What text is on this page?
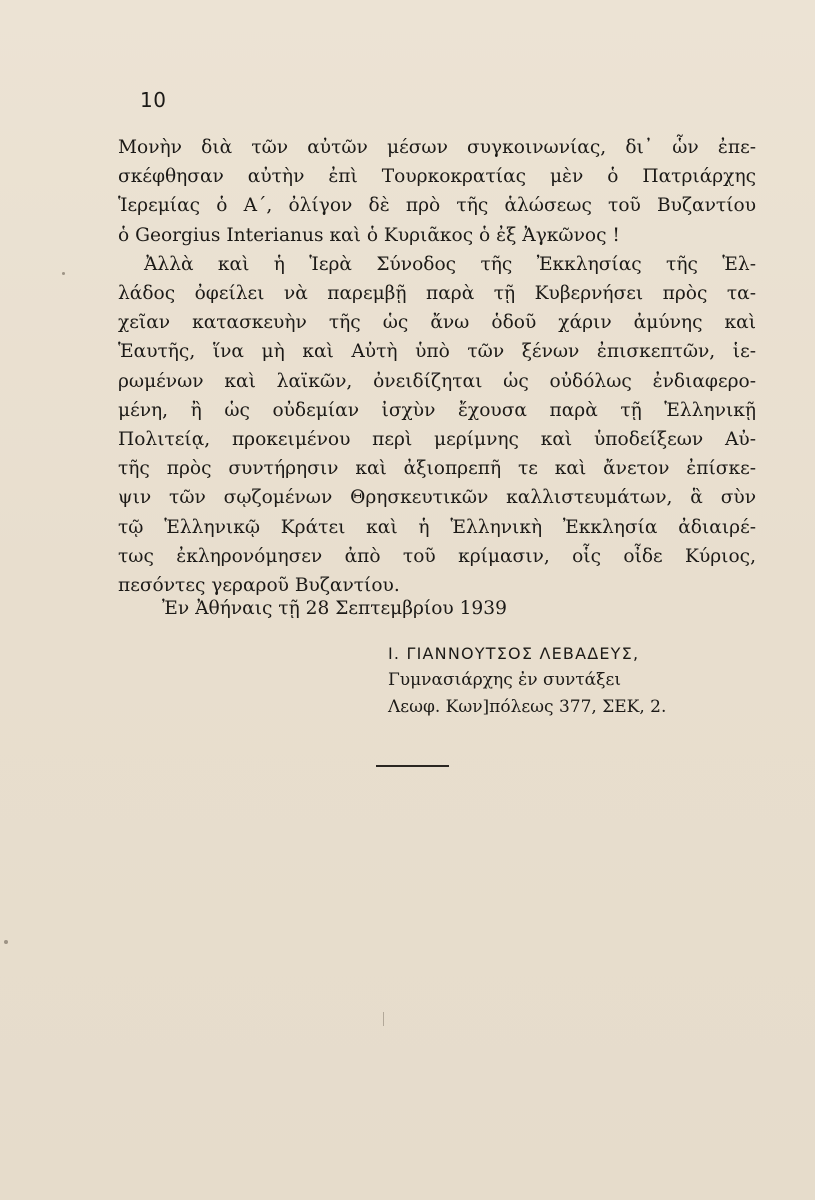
10
Μονὴν διὰ τῶν αὐτῶν μέσων συγκοινωνίας, δι᾽ ὧν ἐπε-
σκέφθησαν αὐτὴν ἐπὶ Τουρκοκρατίας μὲν ὁ Πατριάρχης
Ἱερεμίας ὁ Α΄, ὀλίγον δὲ πρὸ τῆς ἁλώσεως τοῦ Βυζαντίου
ὁ Georgius Interianus καὶ ὁ Κυριᾶκος ὁ ἐξ Ἀγκῶνος !
Ἀλλὰ καὶ ἡ Ἱερὰ Σύνοδος τῆς Ἐκκλησίας τῆς Ἑλ-
λάδος ὀφείλει νὰ παρεμβῇ παρὰ τῇ Κυβερνήσει πρὸς τα-
χεῖαν κατασκευὴν τῆς ὡς ἄνω ὁδοῦ χάριν ἀμύνης καὶ
Ἑαυτῆς, ἵνα μὴ καὶ Αὐτὴ ὑπὸ τῶν ξένων ἐπισκεπτῶν, ἱε-
ρωμένων καὶ λαϊκῶν, ὀνειδίζηται ὡς οὐδόλως ἐνδιαφερο-
μένη, ἢ ὡς οὐδεμίαν ἰσχὺν ἔχουσα παρὰ τῇ Ἑλληνικῇ
Πολιτείᾳ, προκειμένου περὶ μερίμνης καὶ ὑποδείξεων Αὐ-
τῆς πρὸς συντήρησιν καὶ ἀξιοπρεπῆ τε καὶ ἄνετον ἐπίσκε-
ψιν τῶν σῳζομένων Θρησκευτικῶν καλλιστευμάτων, ἃ σὺν
τῷ Ἑλληνικῷ Κράτει καὶ ἡ Ἑλληνικὴ Ἐκκλησία ἀδιαιρέ-
τως ἐκληρονόμησεν ἀπὸ τοῦ κρίμασιν, οἷς οἶδε Κύριος,
πεσόντες γεραροῦ Βυζαντίου.
Ἐν Ἀθήναις τῇ 28 Σεπτεμβρίου 1939
Ι. ΓΙΑΝΝΟΥΤΣΟΣ ΛΕΒΑΔΕΥΣ,
Γυμνασιάρχης ἐν συντάξει
Λεωφ. Κων]πόλεως 377, ΣΕΚ, 2.
